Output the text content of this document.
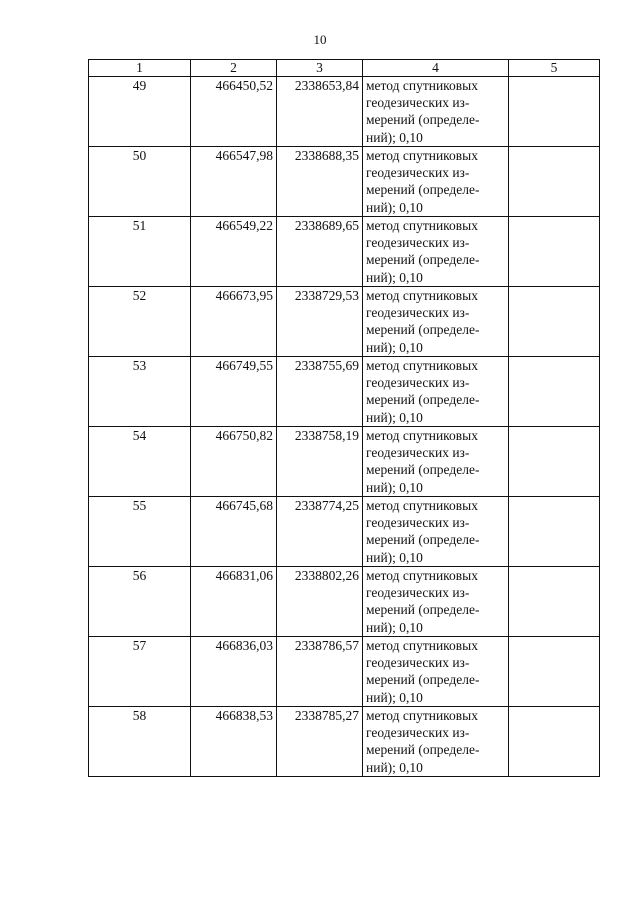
10
1	2	3	4	5
49	466450,52	2338653,84	метод спутниковых
геодезических из-
мерений (определе-
ний); 0,10	
50	466547,98	2338688,35	метод спутниковых
геодезических из-
мерений (определе-
ний); 0,10	
51	466549,22	2338689,65	метод спутниковых
геодезических из-
мерений (определе-
ний); 0,10	
52	466673,95	2338729,53	метод спутниковых
геодезических из-
мерений (определе-
ний); 0,10	
53	466749,55	2338755,69	метод спутниковых
геодезических из-
мерений (определе-
ний); 0,10	
54	466750,82	2338758,19	метод спутниковых
геодезических из-
мерений (определе-
ний); 0,10	
55	466745,68	2338774,25	метод спутниковых
геодезических из-
мерений (определе-
ний); 0,10	
56	466831,06	2338802,26	метод спутниковых
геодезических из-
мерений (определе-
ний); 0,10	
57	466836,03	2338786,57	метод спутниковых
геодезических из-
мерений (определе-
ний); 0,10	
58	466838,53	2338785,27	метод спутниковых
геодезических из-
мерений (определе-
ний); 0,10	
